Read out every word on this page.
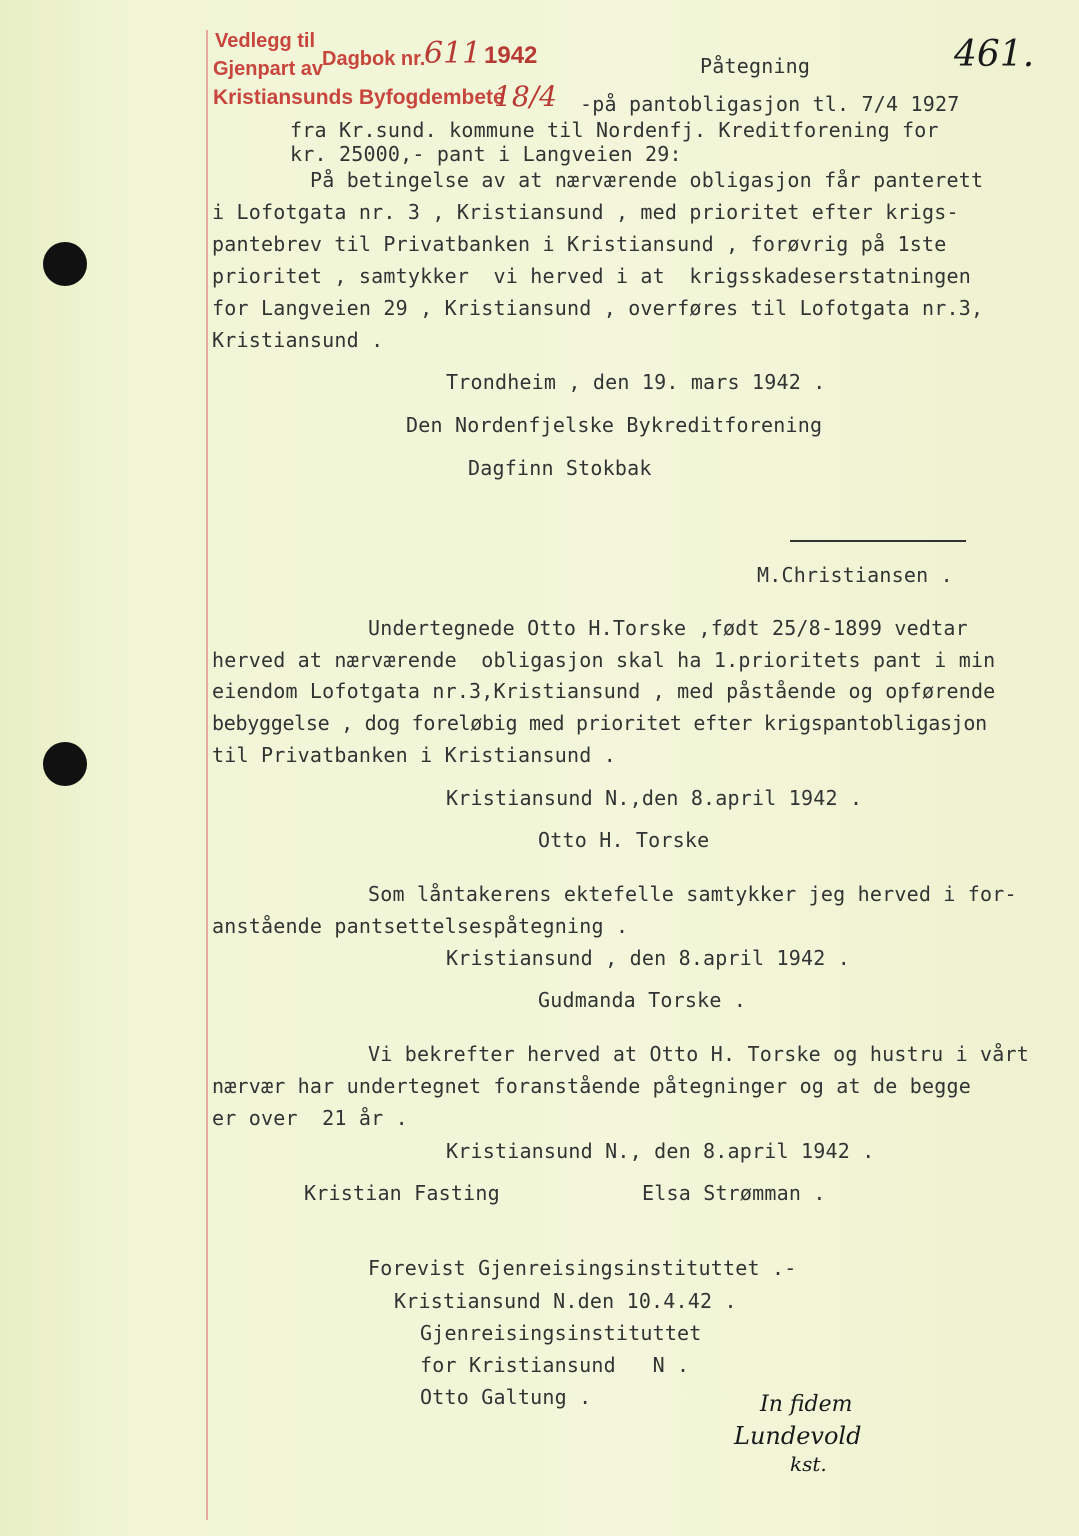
Vedlegg til
Gjenpart av
Dagbok nr.
Kristiansunds Byfogdembete
611 1942
18/4
461.
Påtegning
-på pantobligasjon tl. 7/4 1927
fra Kr.sund. kommune til Nordenfj. Kreditforening for
kr. 25000,- pant i Langveien 29:
På betingelse av at nærværende obligasjon får panterett
i Lofotgata nr. 3 , Kristiansund , med prioritet efter krigs-
pantebrev til Privatbanken i Kristiansund , forøvrig på 1ste
prioritet , samtykker  vi herved i at  krigsskadeserstatningen
for Langveien 29 , Kristiansund , overføres til Lofotgata nr.3,
Kristiansund .
Trondheim , den 19. mars 1942 .
Den Nordenfjelske Bykreditforening
Dagfinn Stokbak
M.Christiansen .
Undertegnede Otto H.Torske ,født 25/8-1899 vedtar
herved at nærværende  obligasjon skal ha 1.prioritets pant i min
eiendom Lofotgata nr.3,Kristiansund , med påstående og opførende
bebyggelse , dog foreløbig med prioritet efter krigspantobligasjon
til Privatbanken i Kristiansund .
Kristiansund N.,den 8.april 1942 .
Otto H. Torske
Som låntakerens ektefelle samtykker jeg herved i for-
anstående pantsettelsespåtegning .
Kristiansund , den 8.april 1942 .
Gudmanda Torske .
Vi bekrefter herved at Otto H. Torske og hustru i vårt
nærvær har undertegnet foranstående påtegninger og at de begge
er over  21 år .
Kristiansund N., den 8.april 1942 .
Kristian Fasting	Elsa Strømman .
Forevist Gjenreisingsinstituttet .-
Kristiansund N.den 10.4.42 .
Gjenreisingsinstituttet
for Kristiansund   N .
Otto Galtung .	In fidem
Lundevold
kst.
